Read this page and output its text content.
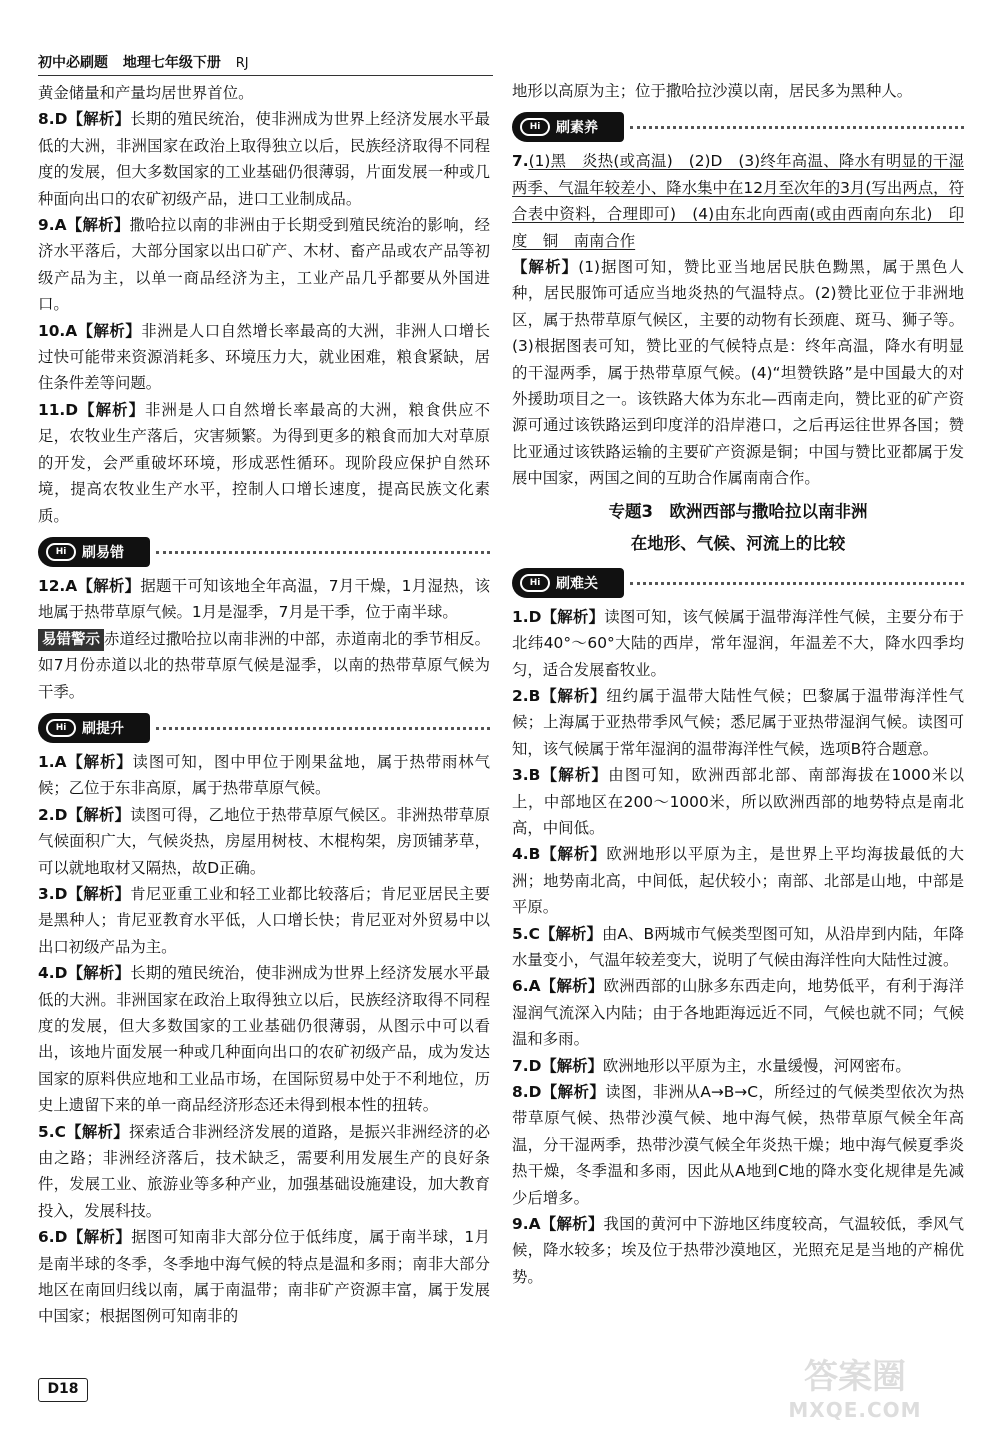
初中必刷题 地理七年级下册 RJ

黄金储量和产量均居世界首位。

8.D【解析】长期的殖民统治，使非洲成为世界上经济发展水平最低的大洲，非洲国家在政治上取得独立以后，民族经济取得不同程度的发展，但大多数国家的工业基础仍很薄弱，片面发展一种或几种面向出口的农矿初级产品，进口工业制成品。

9.A【解析】撒哈拉以南的非洲由于长期受到殖民统治的影响，经济水平落后，大部分国家以出口矿产、木材、畜产品或农产品等初级产品为主，以单一商品经济为主，工业产品几乎都要从外国进口。

10.A【解析】非洲是人口自然增长率最高的大洲，非洲人口增长过快可能带来资源消耗多、环境压力大，就业困难，粮食紧缺，居住条件差等问题。

11.D【解析】非洲是人口自然增长率最高的大洲，粮食供应不足，农牧业生产落后，灾害频繁。为得到更多的粮食而加大对草原的开发，会严重破坏环境，形成恶性循环。现阶段应保护自然环境，提高农牧业生产水平，控制人口增长速度，提高民族文化素质。

Hi	刷易错

12.A【解析】据题干可知该地全年高温，7月干燥，1月湿热，该地属于热带草原气候。1月是湿季，7月是干季，位于南半球。

易错警示 赤道经过撒哈拉以南非洲的中部，赤道南北的季节相反。如7月份赤道以北的热带草原气候是湿季，以南的热带草原气候为干季。

Hi	刷提升

1.A【解析】读图可知，图中甲位于刚果盆地，属于热带雨林气候；乙位于东非高原，属于热带草原气候。

2.D【解析】读图可得，乙地位于热带草原气候区。非洲热带草原气候面积广大，气候炎热，房屋用树枝、木棍构架，房顶铺茅草，可以就地取材又隔热，故D正确。

3.D【解析】肯尼亚重工业和轻工业都比较落后；肯尼亚居民主要是黑种人；肯尼亚教育水平低，人口增长快；肯尼亚对外贸易中以出口初级产品为主。

4.D【解析】长期的殖民统治，使非洲成为世界上经济发展水平最低的大洲。非洲国家在政治上取得独立以后，民族经济取得不同程度的发展，但大多数国家的工业基础仍很薄弱，从图示中可以看出，该地片面发展一种或几种面向出口的农矿初级产品，成为发达国家的原料供应地和工业品市场，在国际贸易中处于不利地位，历史上遗留下来的单一商品经济形态还未得到根本性的扭转。

5.C【解析】探索适合非洲经济发展的道路，是振兴非洲经济的必由之路；非洲经济落后，技术缺乏，需要利用发展生产的良好条件，发展工业、旅游业等多种产业，加强基础设施建设，加大教育投入，发展科技。

6.D【解析】据图可知南非大部分位于低纬度，属于南半球，1月是南半球的冬季，冬季地中海气候的特点是温和多雨；南非大部分地区在南回归线以南，属于南温带；南非矿产资源丰富，属于发展中国家；根据图例可知南非的

地形以高原为主；位于撒哈拉沙漠以南，居民多为黑种人。

Hi	刷素养

7.(1)黑　炎热(或高温)　(2)D　(3)终年高温、降水有明显的干湿两季、气温年较差小、降水集中在12月至次年的3月(写出两点，符合表中资料，合理即可)　(4)由东北向西南(或由西南向东北)　印度　铜　南南合作

【解析】(1)据图可知，赞比亚当地居民肤色黝黑，属于黑色人种，居民服饰可适应当地炎热的气温特点。(2)赞比亚位于非洲地区，属于热带草原气候区，主要的动物有长颈鹿、斑马、狮子等。(3)根据图表可知，赞比亚的气候特点是：终年高温，降水有明显的干湿两季，属于热带草原气候。(4)“坦赞铁路”是中国最大的对外援助项目之一。该铁路大体为东北—西南走向，赞比亚的矿产资源可通过该铁路运到印度洋的沿岸港口，之后再运往世界各国；赞比亚通过该铁路运输的主要矿产资源是铜；中国与赞比亚都属于发展中国家，两国之间的互助合作属南南合作。

专题3　欧洲西部与撒哈拉以南非洲
在地形、气候、河流上的比较
Hi	刷难关

1.D【解析】读图可知，该气候属于温带海洋性气候，主要分布于北纬40°～60°大陆的西岸，常年湿润，年温差不大，降水四季均匀，适合发展畜牧业。

2.B【解析】纽约属于温带大陆性气候；巴黎属于温带海洋性气候；上海属于亚热带季风气候；悉尼属于亚热带湿润气候。读图可知，该气候属于常年湿润的温带海洋性气候，选项B符合题意。

3.B【解析】由图可知，欧洲西部北部、南部海拔在1000米以上，中部地区在200～1000米，所以欧洲西部的地势特点是南北高，中间低。

4.B【解析】欧洲地形以平原为主，是世界上平均海拔最低的大洲；地势南北高，中间低，起伏较小；南部、北部是山地，中部是平原。

5.C【解析】由A、B两城市气候类型图可知，从沿岸到内陆，年降水量变小，气温年较差变大，说明了气候由海洋性向大陆性过渡。

6.A【解析】欧洲西部的山脉多东西走向，地势低平，有利于海洋湿润气流深入内陆；由于各地距海远近不同，气候也就不同；气候温和多雨。

7.D【解析】欧洲地形以平原为主，水量缓慢，河网密布。

8.D【解析】读图，非洲从A→B→C，所经过的气候类型依次为热带草原气候、热带沙漠气候、地中海气候，热带草原气候全年高温，分干湿两季，热带沙漠气候全年炎热干燥；地中海气候夏季炎热干燥，冬季温和多雨，因此从A地到C地的降水变化规律是先减少后增多。

9.A【解析】我国的黄河中下游地区纬度较高，气温较低，季风气候，降水较多；埃及位于热带沙漠地区，光照充足是当地的产棉优势。

D18	答案圈
MXQE.COM
